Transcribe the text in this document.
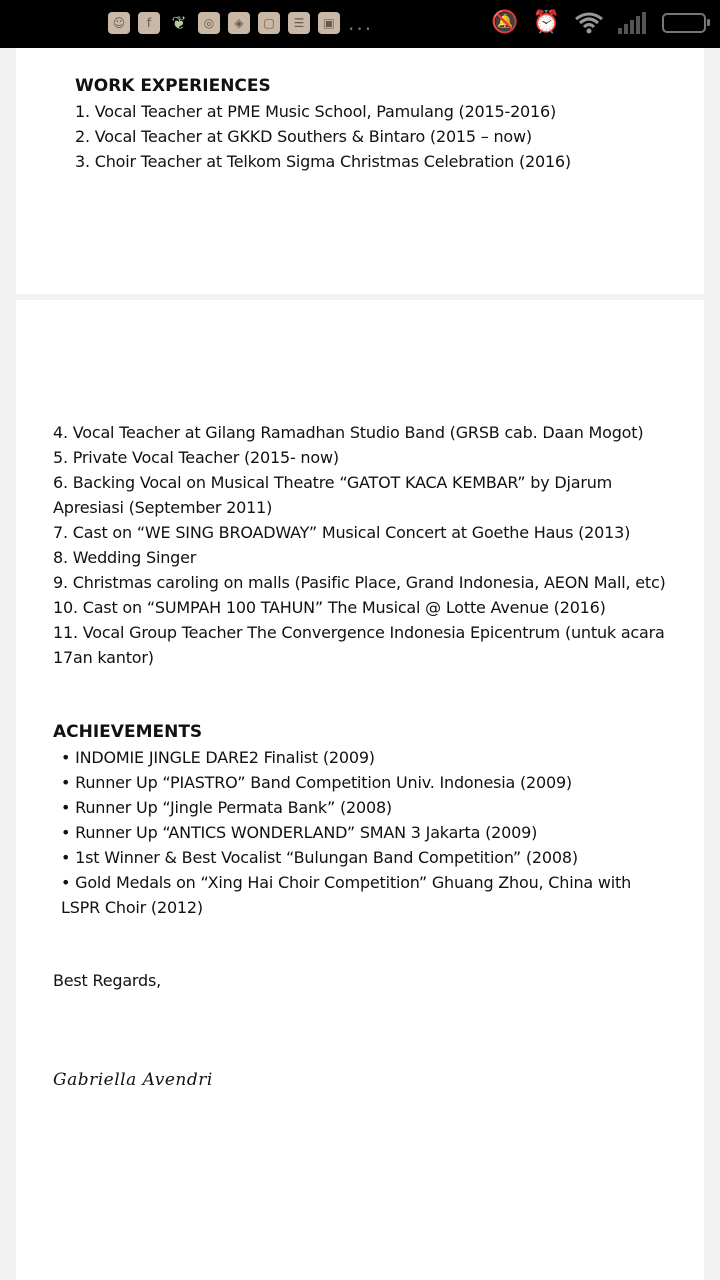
☺	f	❦	◎	◈	▢	☰	▣ ...	🔕 ⏰
WORK EXPERIENCES
1. Vocal Teacher at PME Music School, Pamulang (2015-2016)
2. Vocal Teacher at GKKD Southers & Bintaro (2015 – now)
3. Choir Teacher at Telkom Sigma Christmas Celebration (2016)
4. Vocal Teacher at Gilang Ramadhan Studio Band (GRSB cab. Daan Mogot)
5. Private Vocal Teacher (2015- now)
6. Backing Vocal on Musical Theatre “GATOT KACA KEMBAR” by Djarum Apresiasi (September 2011)
7. Cast on “WE SING BROADWAY” Musical Concert at Goethe Haus (2013)
8. Wedding Singer
9. Christmas caroling on malls (Pasific Place, Grand Indonesia, AEON Mall, etc)
10. Cast on “SUMPAH 100 TAHUN” The Musical @ Lotte Avenue (2016)
11. Vocal Group Teacher The Convergence Indonesia Epicentrum (untuk acara 17an kantor)
ACHIEVEMENTS
• INDOMIE JINGLE DARE2 Finalist (2009)
• Runner Up “PIASTRO” Band Competition Univ. Indonesia (2009)
• Runner Up “Jingle Permata Bank” (2008)
• Runner Up “ANTICS WONDERLAND” SMAN 3 Jakarta (2009)
• 1st Winner & Best Vocalist “Bulungan Band Competition” (2008)
• Gold Medals on “Xing Hai Choir Competition” Ghuang Zhou, China with LSPR Choir (2012)
Best Regards,
Gabriella Avendri
